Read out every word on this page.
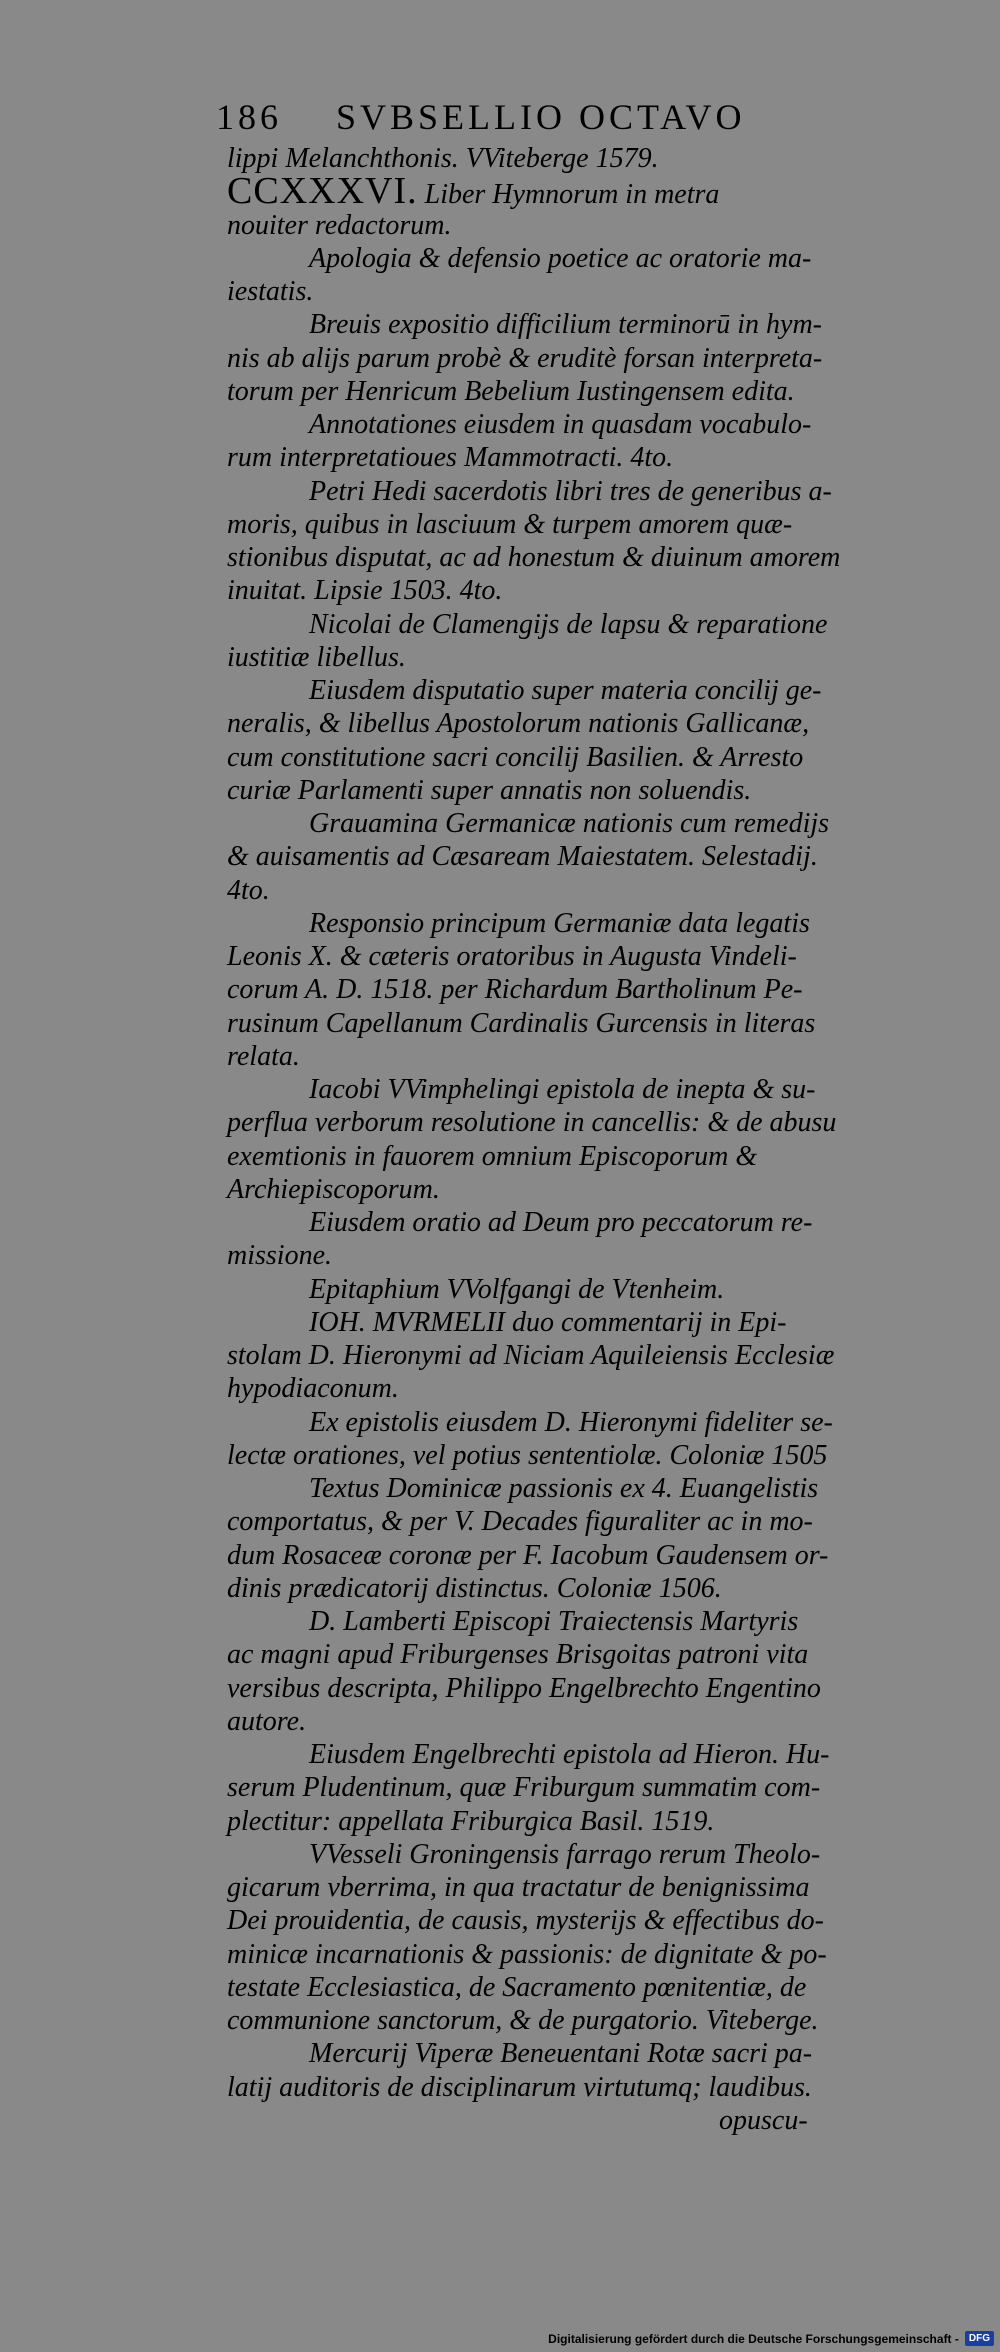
186 SVBSELLIO OCTAVO
lippi Melanchthonis. VViteberge 1579.
CCXXXVI. Liber Hymnorum in metra
nouiter redactorum.
Apologia & defensio poetice ac oratorie ma-
iestatis.
Breuis expositio difficilium terminorū in hym-
nis ab alijs parum probè & eruditè forsan interpreta-
torum per Henricum Bebelium Iustingensem edita.
Annotationes eiusdem in quasdam vocabulo-
rum interpretatioues Mammotracti. 4to.
Petri Hedi sacerdotis libri tres de generibus a-
moris, quibus in lasciuum & turpem amorem quæ-
stionibus disputat, ac ad honestum & diuinum amorem
inuitat. Lipsie 1503. 4to.
Nicolai de Clamengijs de lapsu & reparatione
iustitiæ libellus.
Eiusdem disputatio super materia concilij ge-
neralis, & libellus Apostolorum nationis Gallicanæ,
cum constitutione sacri concilij Basilien. & Arresto
curiæ Parlamenti super annatis non soluendis.
Grauamina Germanicæ nationis cum remedijs
& auisamentis ad Cæsaream Maiestatem. Selestadij.
4to.
Responsio principum Germaniæ data legatis
Leonis X. & cæteris oratoribus in Augusta Vindeli-
corum A. D. 1518. per Richardum Bartholinum Pe-
rusinum Capellanum Cardinalis Gurcensis in literas
relata.
Iacobi VVimphelingi epistola de inepta & su-
perflua verborum resolutione in cancellis: & de abusu
exemtionis in fauorem omnium Episcoporum &
Archiepiscoporum.
Eiusdem oratio ad Deum pro peccatorum re-
missione.
Epitaphium VVolfgangi de Vtenheim.
IOH. MVRMELII duo commentarij in Epi-
stolam D. Hieronymi ad Niciam Aquileiensis Ecclesiæ
hypodiaconum.
Ex epistolis eiusdem D. Hieronymi fideliter se-
lectæ orationes, vel potius sententiolæ. Coloniæ 1505
Textus Dominicæ passionis ex 4. Euangelistis
comportatus, & per V. Decades figuraliter ac in mo-
dum Rosaceæ coronæ per F. Iacobum Gaudensem or-
dinis prædicatorij distinctus. Coloniæ 1506.
D. Lamberti Episcopi Traiectensis Martyris
ac magni apud Friburgenses Brisgoitas patroni vita
versibus descripta, Philippo Engelbrechto Engentino
autore.
Eiusdem Engelbrechti epistola ad Hieron. Hu-
serum Pludentinum, quæ Friburgum summatim com-
plectitur: appellata Friburgica Basil. 1519.
VVesseli Groningensis farrago rerum Theolo-
gicarum vberrima, in qua tractatur de benignissima
Dei prouidentia, de causis, mysterijs & effectibus do-
minicæ incarnationis & passionis: de dignitate & po-
testate Ecclesiastica, de Sacramento pœnitentiæ, de
communione sanctorum, & de purgatorio. Viteberge.
Mercurij Viperæ Beneuentani Rotæ sacri pa-
latij auditoris de disciplinarum virtutumq; laudibus.
opuscu-
Digitalisierung gefördert durch die Deutsche Forschungsgemeinschaft -	DFG
